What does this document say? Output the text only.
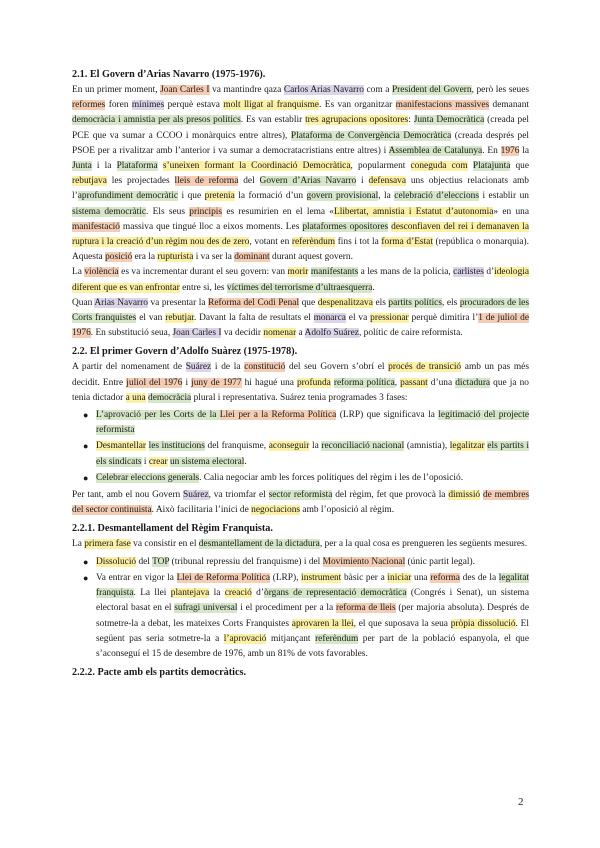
2.1. El Govern d’Arias Navarro (1975-1976).
En un primer moment, Joan Carles I va mantindre qaza Carlos Arias Navarro com a President del Govern, però les seues reformes foren mínimes perquè estava molt lligat al franquisme. Es van organitzar manifestacions massives demanant democràcia i amnistia per als presos polítics. Es van establir tres agrupacions opositores: Junta Democràtica (creada pel PCE que va sumar a CCOO i monàrquics entre altres), Plataforma de Convergència Democràtica (creada després pel PSOE per a rivalitzar amb l’anterior i va sumar a democratacristians entre altres) i Assemblea de Catalunya. En 1976 la Junta i la Plataforma s’uneixen formant la Coordinació Democràtica, popularment coneguda com Platajunta que rebutjava les projectades lleis de reforma del Govern d’Arias Navarro i defensava uns objectius relacionats amb l’aprofundiment democràtic i que pretenia la formació d’un govern provisional, la celebració d’eleccions i establir un sistema democràtic. Els seus principis es resumirien en el lema «Llibertat, amnistia i Estatut d’autonomia» en una manifestació massiva que tingué lloc a eixos moments. Les plataformes opositores desconfiaven del rei i demanaven la ruptura i la creació d’un règim nou des de zero, votant en referèndum fins i tot la forma d’Estat (república o monarquia). Aquesta posició era la rupturista i va ser la dominant durant aquest govern.
La violència es va incrementar durant el seu govern: van morir manifestants a les mans de la policia, carlistes d’ideologia diferent que es van enfrontar entre si, les víctimes del terrorisme d’ultraesquerra.
Quan Arias Navarro va presentar la Reforma del Codi Penal que despenalitzava els partits polítics, els procuradors de les Corts franquistes el van rebutjar. Davant la falta de resultats el monarca el va pressionar perquè dimitira l’1 de juliol de 1976. En substitució seua, Joan Carles I va decidir nomenar a Adolfo Suárez, polític de caire reformista.
2.2. El primer Govern d’Adolfo Suàrez (1975-1978).
A partir del nomenament de Suárez i de la constitució del seu Govern s’obrí el procés de transició amb un pas més decidit. Entre juliol del 1976 i juny de 1977 hi hagué una profunda reforma política, passant d’una dictadura que ja no tenia dictador a una democràcia plural i representativa. Suárez tenia programades 3 fases:
● L’aprovació per les Corts de la Llei per a la Reforma Política (LRP) que significava la legitimació del projecte reformista
● Desmantellar les institucions del franquisme, aconseguir la reconciliació nacional (amnistia), legalitzar els partits i els sindicats i crear un sistema electoral.
● Celebrar eleccions generals. Calia negociar amb les forces polítiques del règim i les de l’oposició.
Per tant, amb el nou Govern Suárez, va triomfar el sector reformista del règim, fet que provocà la dimissió de membres del sector continuista. Això facilitaria l’inici de negociacions amb l’oposició al règim.
2.2.1. Desmantellament del Règim Franquista.
La primera fase va consistir en el desmantellament de la dictadura, per a la qual cosa es prengueren les següents mesures.
● Dissolució del TOP (tribunal repressiu del franquisme) i del Movimiento Nacional (únic partit legal).
● Va entrar en vigor la Llei de Reforma Política (LRP), instrument bàsic per a iniciar una reforma des de la legalitat franquista. La llei plantejava la creació d’òrgans de representació democràtica (Congrés i Senat), un sistema electoral basat en el sufragi universal i el procediment per a la reforma de lleis (per majoria absoluta). Després de sotmetre-la a debat, les mateixes Corts Franquistes aprovaren la llei, el que suposava la seua pròpia dissolució. El següent pas seria sotmetre-la a l’aprovació mitjançant referèndum per part de la població espanyola, el que s’aconseguí el 15 de desembre de 1976, amb un 81% de vots favorables.
2.2.2. Pacte amb els partits democràtics.
2
